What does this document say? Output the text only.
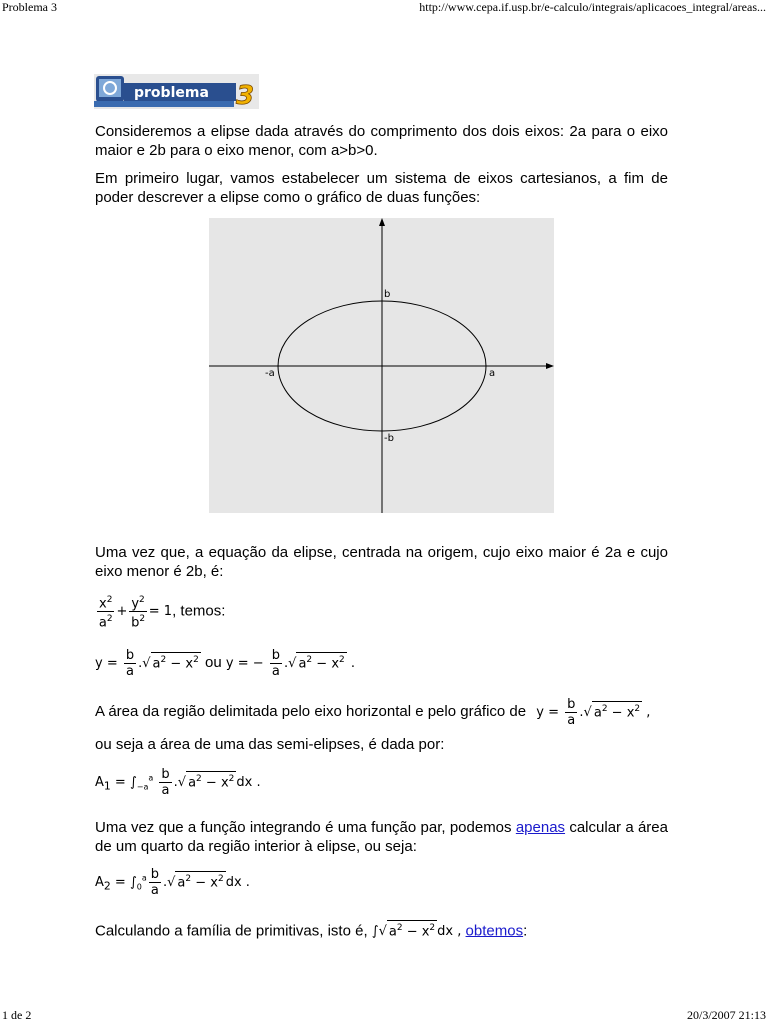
Problema 3	http://www.cepa.if.usp.br/e-calculo/integrais/aplicacoes_integral/areas...
problema 3
Consideremos a elipse dada através do comprimento dos dois eixos: 2a para o eixo maior e 2b para o eixo menor, com a>b>0.
Em primeiro lugar, vamos estabelecer um sistema de eixos cartesianos, a fim de poder descrever a elipse como o gráfico de duas funções:
b
-b
a
-a
Uma vez que, a equação da elipse, centrada na origem, cujo eixo maior é 2a e cujo eixo menor é 2b, é:
$\frac{x^2}{a^2} + \frac{y^2}{b^2} = 1$, temos:
$y = \frac{b}{a}$ .√ $a^2 - x^2$ ou y = − $\frac{b}{a}$ .√ $a^2 - x^2$ .
A área da região delimitada pelo eixo horizontal e pelo gráfico de $y = \frac{b}{a}$ .√ $a^2 - x^2$ ,
ou seja a área de uma das semi-elipses, é dada por:
$A_1 = \int_{-a}^a \frac{b}{a}$ .√ $a^2 - x^2$ dx .
Uma vez que a função integrando é uma função par, podemos apenas calcular a área de um quarto da região interior à elipse, ou seja:
$A_2 = \int_0^a \frac{b}{a}$ .√ $a^2 - x^2$ dx .
Calculando a família de primitivas, isto é, ∫√ $a^2 - x^2$ dx , obtemos:
1 de 2	20/3/2007 21:13
